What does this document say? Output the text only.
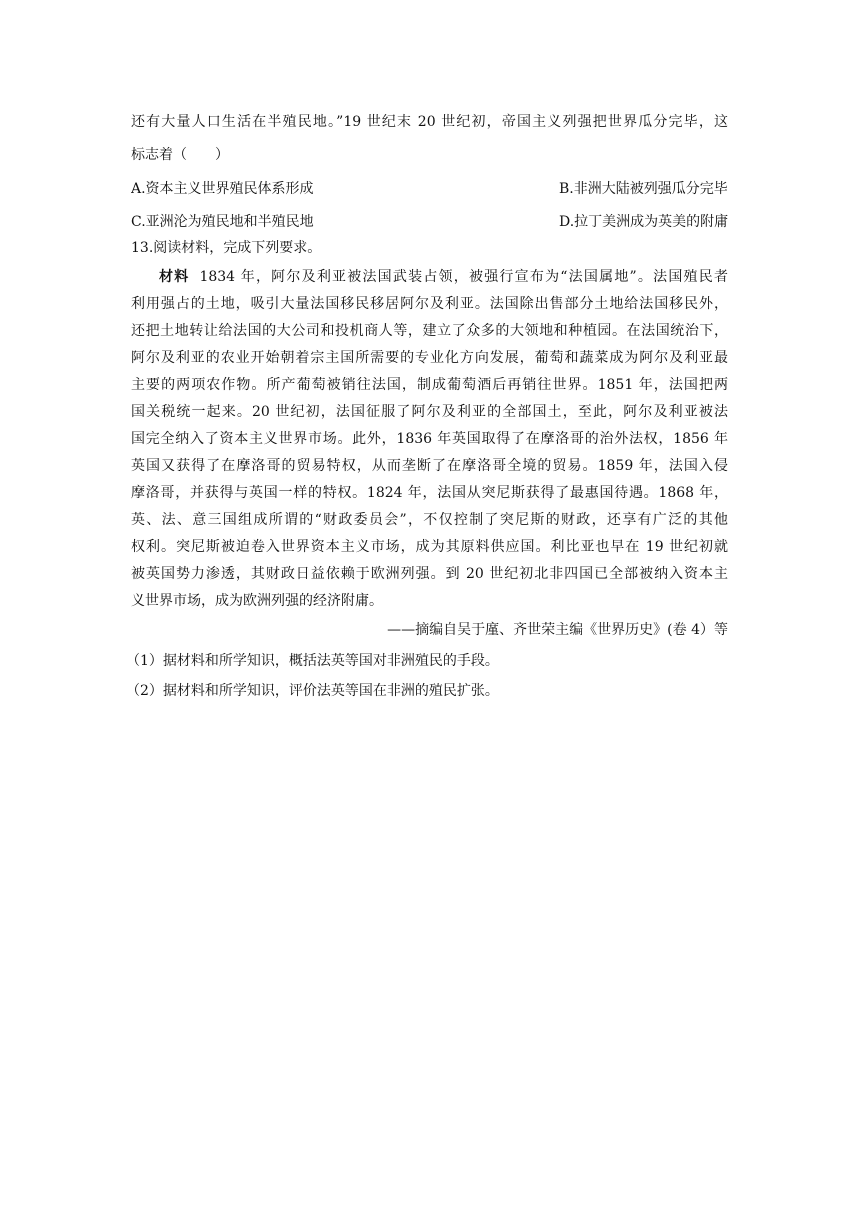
还有大量人口生活在半殖民地。”19 世纪末 20 世纪初，帝国主义列强把世界瓜分完毕，这
标志着（　　）
A.资本主义世界殖民体系形成	B.非洲大陆被列强瓜分完毕
C.亚洲沦为殖民地和半殖民地	D.拉丁美洲成为英美的附庸
13.阅读材料，完成下列要求。
材料 1834 年，阿尔及利亚被法国武装占领，被强行宣布为“法国属地”。法国殖民者
利用强占的土地，吸引大量法国移民移居阿尔及利亚。法国除出售部分土地给法国移民外，
还把土地转让给法国的大公司和投机商人等，建立了众多的大领地和种植园。在法国统治下，
阿尔及利亚的农业开始朝着宗主国所需要的专业化方向发展，葡萄和蔬菜成为阿尔及利亚最
主要的两项农作物。所产葡萄被销往法国，制成葡萄酒后再销往世界。1851 年，法国把两
国关税统一起来。20 世纪初，法国征服了阿尔及利亚的全部国土，至此，阿尔及利亚被法
国完全纳入了资本主义世界市场。此外，1836 年英国取得了在摩洛哥的治外法权，1856 年
英国又获得了在摩洛哥的贸易特权，从而垄断了在摩洛哥全境的贸易。1859 年，法国入侵
摩洛哥，并获得与英国一样的特权。1824 年，法国从突尼斯获得了最惠国待遇。1868 年，
英、法、意三国组成所谓的“财政委员会”，不仅控制了突尼斯的财政，还享有广泛的其他
权利。突尼斯被迫卷入世界资本主义市场，成为其原料供应国。利比亚也早在 19 世纪初就
被英国势力渗透，其财政日益依赖于欧洲列强。到 20 世纪初北非四国已全部被纳入资本主
义世界市场，成为欧洲列强的经济附庸。
——摘编自吴于廑、齐世荣主编《世界历史》(卷 4）等
（1）据材料和所学知识，概括法英等国对非洲殖民的手段。
（2）据材料和所学知识，评价法英等国在非洲的殖民扩张。
